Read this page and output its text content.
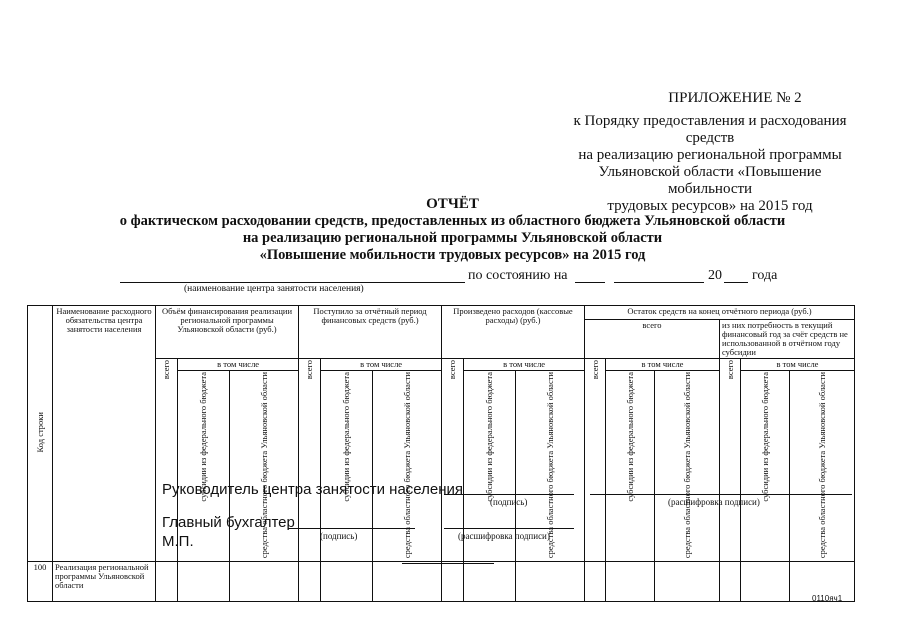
ПРИЛОЖЕНИЕ № 2
к Порядку предоставления и расходования средств
на реализацию региональной программы
Ульяновской области «Повышение мобильности
трудовых ресурсов» на 2015 год
ОТЧЁТ
о фактическом расходовании средств, предоставленных из областного бюджета Ульяновской области
на реализацию региональной программы Ульяновской области
«Повышение мобильности трудовых ресурсов» на 2015 год
по состоянию на	20 года
(наименование центра занятости населения)
Код строки	Наименование расходного обязательства центра занятости населения	Объём финансирования реализации региональной программы Ульяновской области (руб.)			Поступило за отчётный период финансовых средств (руб.)			Произведено расходов (кассовые расходы) (руб.)			Остаток средств на конец отчётного периода (руб.)					
											всего			из них потребность в текущий финансовый год за счёт средств не использованной в отчётном году субсидии		
		всего	в том числе		всего	в том числе		всего	в том числе		всего	в том числе		всего	в том числе	
			субсидии из федерального бюджета	средства областного бюджета Ульяновской области		субсидии из федерального бюджета	средства областного бюджета Ульяновской области		субсидии из федерального бюджета	средства областного бюджета Ульяновской области		субсидии из федерального бюджета	средства областного бюджета Ульяновской области		субсидии из федерального бюджета	средства областного бюджета Ульяновской области
100	Реализация региональной программы Ульяновской области															
Руководитель центра занятости населения
(подпись)	(расшифровка подписи)
Главный бухгалтер
(подпись)	(расшифровка подписи)
М.П.
0110яч1
